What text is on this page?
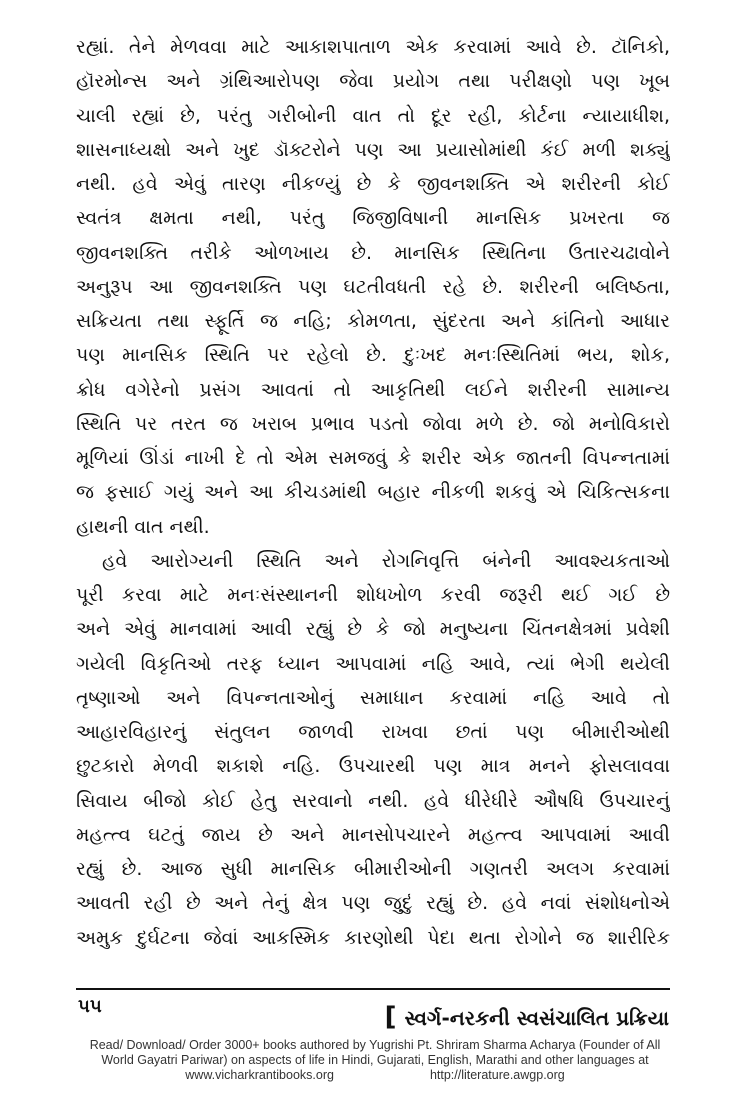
રહ્યાં. તેને મેળવવા માટે આકાશપાતાળ એક કરવામાં આવે છે. ટૉનિકો,
હૉરમોન્સ અને ગ્રંથિઆરોપણ જેવા પ્રયોગ તથા પરીક્ષણો પણ ખૂબ
ચાલી રહ્યાં છે, પરંતુ ગરીબોની વાત તો દૂર રહી, કોર્ટના ન્યાયાધીશ,
શાસનાધ્યક્ષો અને ખુદ ડૉક્ટરોને પણ આ પ્રયાસોમાંથી કંઈ મળી શક્યું
નથી. હવે એવું તારણ નીકળ્યું છે કે જીવનશક્તિ એ શરીરની કોઈ
સ્વતંત્ર ક્ષમતા નથી, પરંતુ જિજીવિષાની માનસિક પ્રખરતા જ
જીવનશક્તિ તરીકે ઓળખાય છે. માનસિક સ્થિતિના ઉતારચઢાવોને
અનુરૂપ આ જીવનશક્તિ પણ ઘટતીવધતી રહે છે. શરીરની બલિષ્ઠતા,
સક્રિયતા તથા સ્ફૂર્તિ જ નહિ; કોમળતા, સુંદરતા અને કાંતિનો આધાર
પણ માનસિક સ્થિતિ પર રહેલો છે. દુઃખદ મનઃસ્થિતિમાં ભય, શોક,
ક્રોધ વગેરેનો પ્રસંગ આવતાં તો આકૃતિથી લઈને શરીરની સામાન્ય
સ્થિતિ પર તરત જ ખરાબ પ્રભાવ પડતો જોવા મળે છે. જો મનોવિકારો
મૂળિયાં ઊંડાં નાખી દે તો એમ સમજવું કે શરીર એક જાતની વિપન્નતામાં
જ ફસાઈ ગયું અને આ કીચડમાંથી બહાર નીકળી શકવું એ ચિકિત્સકના
હાથની વાત નથી.
હવે આરોગ્યની સ્થિતિ અને રોગનિવૃત્તિ બંનેની આવશ્યકતાઓ
પૂરી કરવા માટે મનઃસંસ્થાનની શોધખોળ કરવી જરૂરી થઈ ગઈ છે
અને એવું માનવામાં આવી રહ્યું છે કે જો મનુષ્યના ચિંતનક્ષેત્રમાં પ્રવેશી
ગયેલી વિકૃતિઓ તરફ ધ્યાન આપવામાં નહિ આવે, ત્યાં ભેગી થયેલી
તૃષ્ણાઓ અને વિપન્નતાઓનું સમાધાન કરવામાં નહિ આવે તો
આહારવિહારનું સંતુલન જાળવી રાખવા છતાં પણ બીમારીઓથી
છુટકારો મેળવી શકાશે નહિ. ઉપચારથી પણ માત્ર મનને ફોસલાવવા
સિવાય બીજો કોઈ હેતુ સરવાનો નથી. હવે ધીરેધીરે ઔષધિ ઉપચારનું
મહત્ત્વ ઘટતું જાય છે અને માનસોપચારને મહત્ત્વ આપવામાં આવી
રહ્યું છે. આજ સુધી માનસિક બીમારીઓની ગણતરી અલગ કરવામાં
આવતી રહી છે અને તેનું ક્ષેત્ર પણ જુદું રહ્યું છે. હવે નવાં સંશોધનોએ
અમુક દુર્ઘટના જેવાં આકસ્મિક કારણોથી પેદા થતા રોગોને જ શારીરિક
૫૫	[ સ્વર્ગ-નરકની સ્વસંચાલિત પ્રક્રિયા
Read/ Download/ Order 3000+ books authored by Yugrishi Pt. Shriram Sharma Acharya (Founder of All
World Gayatri Pariwar) on aspects of life in Hindi, Gujarati, English, Marathi and other languages at
www.vicharkrantibooks.org	http://literature.awgp.org
